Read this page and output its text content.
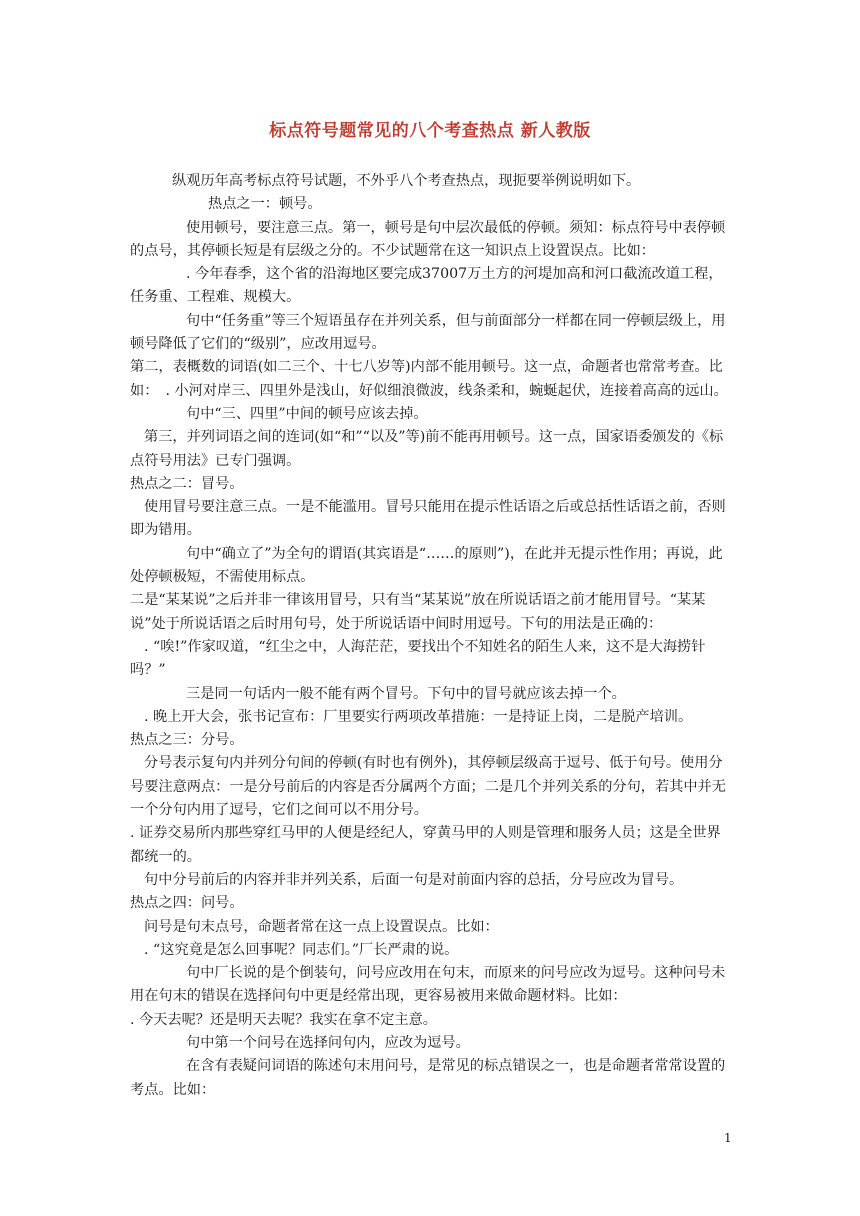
标点符号题常见的八个考查热点 新人教版

纵观历年高考标点符号试题，不外乎八个考查热点，现扼要举例说明如下。

热点之一：顿号。

使用顿号，要注意三点。第一，顿号是句中层次最低的停顿。须知：标点符号中表停顿的点号，其停顿长短是有层级之分的。不少试题常在这一知识点上设置误点。比如：

. 今年春季，这个省的沿海地区要完成37007万土方的河堤加高和河口截流改道工程，任务重、工程难、规模大。

句中“任务重”等三个短语虽存在并列关系，但与前面部分一样都在同一停顿层级上，用顿号降低了它们的“级别”，应改用逗号。

第二，表概数的词语(如二三个、十七八岁等)内部不能用顿号。这一点，命题者也常常考查。比如：　. 小河对岸三、四里外是浅山，好似细浪微波，线条柔和，蜿蜒起伏，连接着高高的远山。

句中“三、四里”中间的顿号应该去掉。

第三，并列词语之间的连词(如“和”“以及”等)前不能再用顿号。这一点，国家语委颁发的《标点符号用法》已专门强调。

热点之二：冒号。

使用冒号要注意三点。一是不能滥用。冒号只能用在提示性话语之后或总括性话语之前，否则即为错用。

句中“确立了”为全句的谓语(其宾语是“……的原则”)，在此并无提示性作用；再说，此处停顿极短，不需使用标点。

二是“某某说”之后并非一律该用冒号，只有当“某某说”放在所说话语之前才能用冒号。“某某说”处于所说话语之后时用句号，处于所说话语中间时用逗号。下句的用法是正确的：

. “唉!”作家叹道，“红尘之中，人海茫茫，要找出个不知姓名的陌生人来，这不是大海捞针吗？”

三是同一句话内一般不能有两个冒号。下句中的冒号就应该去掉一个。

. 晚上开大会，张书记宣布：厂里要实行两项改革措施：一是持证上岗，二是脱产培训。

热点之三：分号。

分号表示复句内并列分句间的停顿(有时也有例外)，其停顿层级高于逗号、低于句号。使用分号要注意两点：一是分号前后的内容是否分属两个方面；二是几个并列关系的分句，若其中并无一个分句内用了逗号，它们之间可以不用分号。

. 证券交易所内那些穿红马甲的人便是经纪人，穿黄马甲的人则是管理和服务人员；这是全世界都统一的。

句中分号前后的内容并非并列关系，后面一句是对前面内容的总括，分号应改为冒号。

热点之四：问号。

问号是句末点号，命题者常在这一点上设置误点。比如：

. “这究竟是怎么回事呢？同志们。”厂长严肃的说。

句中厂长说的是个倒装句，问号应改用在句末，而原来的问号应改为逗号。这种问号未用在句末的错误在选择问句中更是经常出现，更容易被用来做命题材料。比如：

. 今天去呢？还是明天去呢？我实在拿不定主意。

句中第一个问号在选择问句内，应改为逗号。

在含有表疑问词语的陈述句末用问号，是常见的标点错误之一，也是命题者常常设置的考点。比如：

1
